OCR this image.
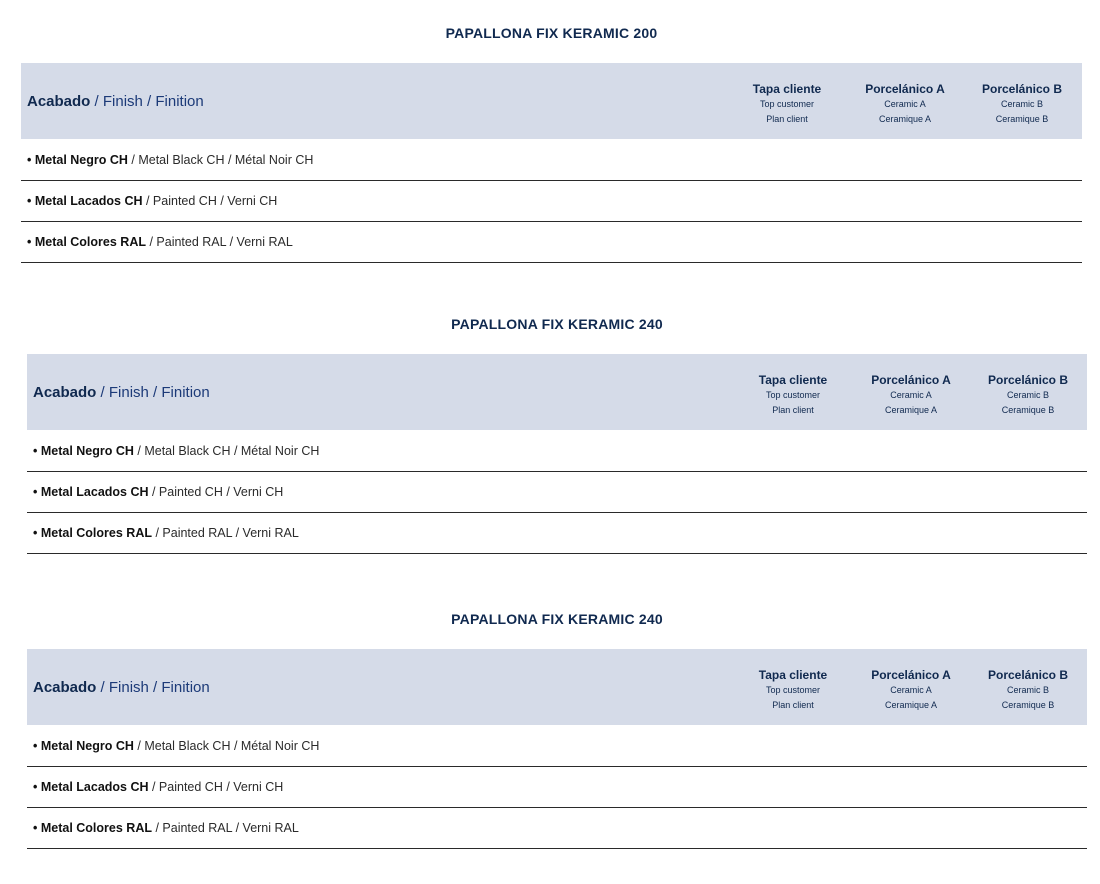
PAPALLONA FIX KERAMIC 200
Acabado / Finish / Finition
Tapa cliente
Top customer
Plan client
Porcelánico A
Ceramic A
Ceramique A
Porcelánico B
Ceramic B
Ceramique B
• Metal Negro CH / Metal Black CH / Métal Noir CH
• Metal Lacados CH / Painted CH / Verni CH
• Metal Colores RAL / Painted RAL / Verni RAL
PAPALLONA FIX KERAMIC 240
Acabado / Finish / Finition
Tapa cliente
Top customer
Plan client
Porcelánico A
Ceramic A
Ceramique A
Porcelánico B
Ceramic B
Ceramique B
• Metal Negro CH / Metal Black CH / Métal Noir CH
• Metal Lacados CH / Painted CH / Verni CH
• Metal Colores RAL / Painted RAL / Verni RAL
PAPALLONA FIX KERAMIC 240
Acabado / Finish / Finition
Tapa cliente
Top customer
Plan client
Porcelánico A
Ceramic A
Ceramique A
Porcelánico B
Ceramic B
Ceramique B
• Metal Negro CH / Metal Black CH / Métal Noir CH
• Metal Lacados CH / Painted CH / Verni CH
• Metal Colores RAL / Painted RAL / Verni RAL
